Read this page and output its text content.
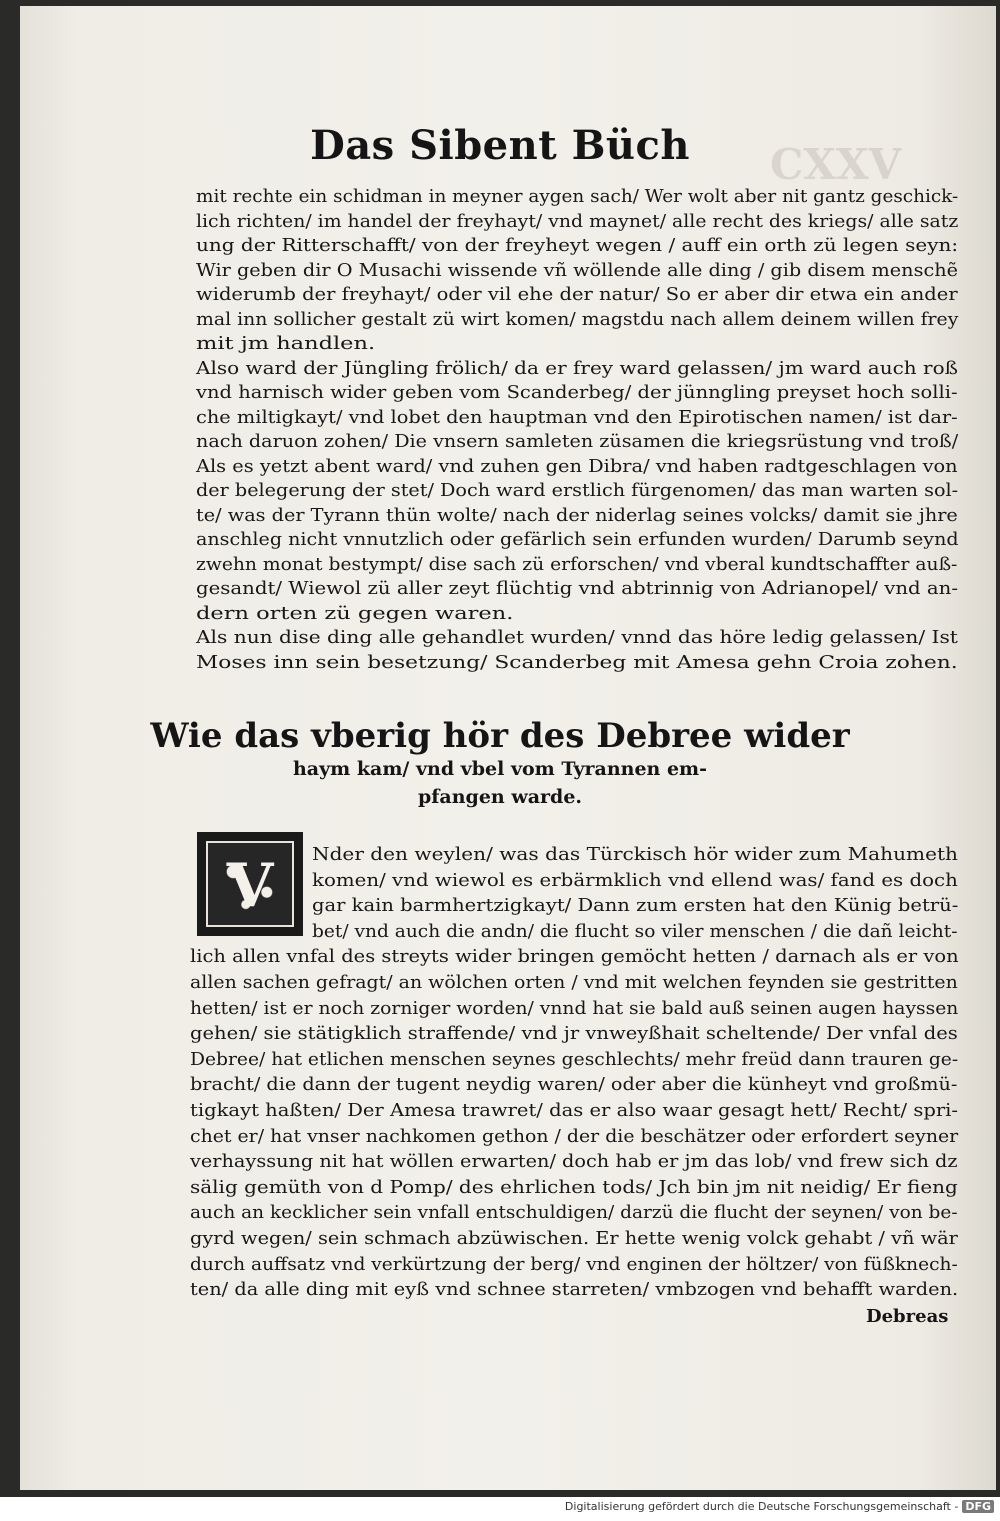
CXXV
Das Sibent Büch
mit rechte ein schidman in meyner aygen sach/ Wer wolt aber nit gantz geschick-
lich richten/ im handel der freyhayt/ vnd maynet/ alle recht des kriegs/ alle satz
ung der Ritterschafft/ von der freyheyt wegen / auff ein orth zü legen seyn:
Wir geben dir O Musachi wissende vñ wöllende alle ding / gib disem menschẽ
widerumb der freyhayt/ oder vil ehe der natur/ So er aber dir etwa ein ander
mal inn sollicher gestalt zü wirt komen/ magstdu nach allem deinem willen frey
mit jm handlen.
Also ward der Jüngling frölich/ da er frey ward gelassen/ jm ward auch roß
vnd harnisch wider geben vom Scanderbeg/ der jünngling preyset hoch solli-
che miltigkayt/ vnd lobet den hauptman vnd den Epirotischen namen/ ist dar-
nach daruon zohen/ Die vnsern samleten züsamen die kriegsrüstung vnd troß/
Als es yetzt abent ward/ vnd zuhen gen Dibra/ vnd haben radtgeschlagen von
der belegerung der stet/ Doch ward erstlich fürgenomen/ das man warten sol-
te/ was der Tyrann thün wolte/ nach der niderlag seines volcks/ damit sie jhre
anschleg nicht vnnutzlich oder gefärlich sein erfunden wurden/ Darumb seynd
zwehn monat bestympt/ dise sach zü erforschen/ vnd vberal kundtschaffter auß-
gesandt/ Wiewol zü aller zeyt flüchtig vnd abtrinnig von Adrianopel/ vnd an-
dern orten zü gegen waren.
Als nun dise ding alle gehandlet wurden/ vnnd das höre ledig gelassen/ Ist
Moses inn sein besetzung/ Scanderbeg mit Amesa gehn Croia zohen.
Wie das vberig hör des Debree wider
haym kam/ vnd vbel vom Tyrannen em-
pfangen warde.
V	Nder den weylen/ was das Türckisch hör wider zum Mahumeth
komen/ vnd wiewol es erbärmklich vnd ellend was/ fand es doch
gar kain barmhertzigkayt/ Dann zum ersten hat den Künig betrü-
bet/ vnd auch die andn/ die flucht so viler menschen / die dañ leicht-
lich allen vnfal des streyts wider bringen gemöcht hetten / darnach als er von
allen sachen gefragt/ an wölchen orten / vnd mit welchen feynden sie gestritten
hetten/ ist er noch zorniger worden/ vnnd hat sie bald auß seinen augen hayssen
gehen/ sie stätigklich straffende/ vnd jr vnweyßhait scheltende/ Der vnfal des
Debree/ hat etlichen menschen seynes geschlechts/ mehr freüd dann trauren ge-
bracht/ die dann der tugent neydig waren/ oder aber die künheyt vnd großmü-
tigkayt haßten/ Der Amesa trawret/ das er also waar gesagt hett/ Recht/ spri-
chet er/ hat vnser nachkomen gethon / der die beschätzer oder erfordert seyner
verhayssung nit hat wöllen erwarten/ doch hab er jm das lob/ vnd frew sich dz
sälig gemüth von d Pomp/ des ehrlichen tods/ Jch bin jm nit neidig/ Er fieng
auch an kecklicher sein vnfall entschuldigen/ darzü die flucht der seynen/ von be-
gyrd wegen/ sein schmach abzüwischen. Er hette wenig volck gehabt / vñ wär
durch auffsatz vnd verkürtzung der berg/ vnd enginen der höltzer/ von füßknech-
ten/ da alle ding mit eyß vnd schnee starreten/ vmbzogen vnd behafft warden.
Debreas
Digitalisierung gefördert durch die Deutsche Forschungsgemeinschaft - DFG
